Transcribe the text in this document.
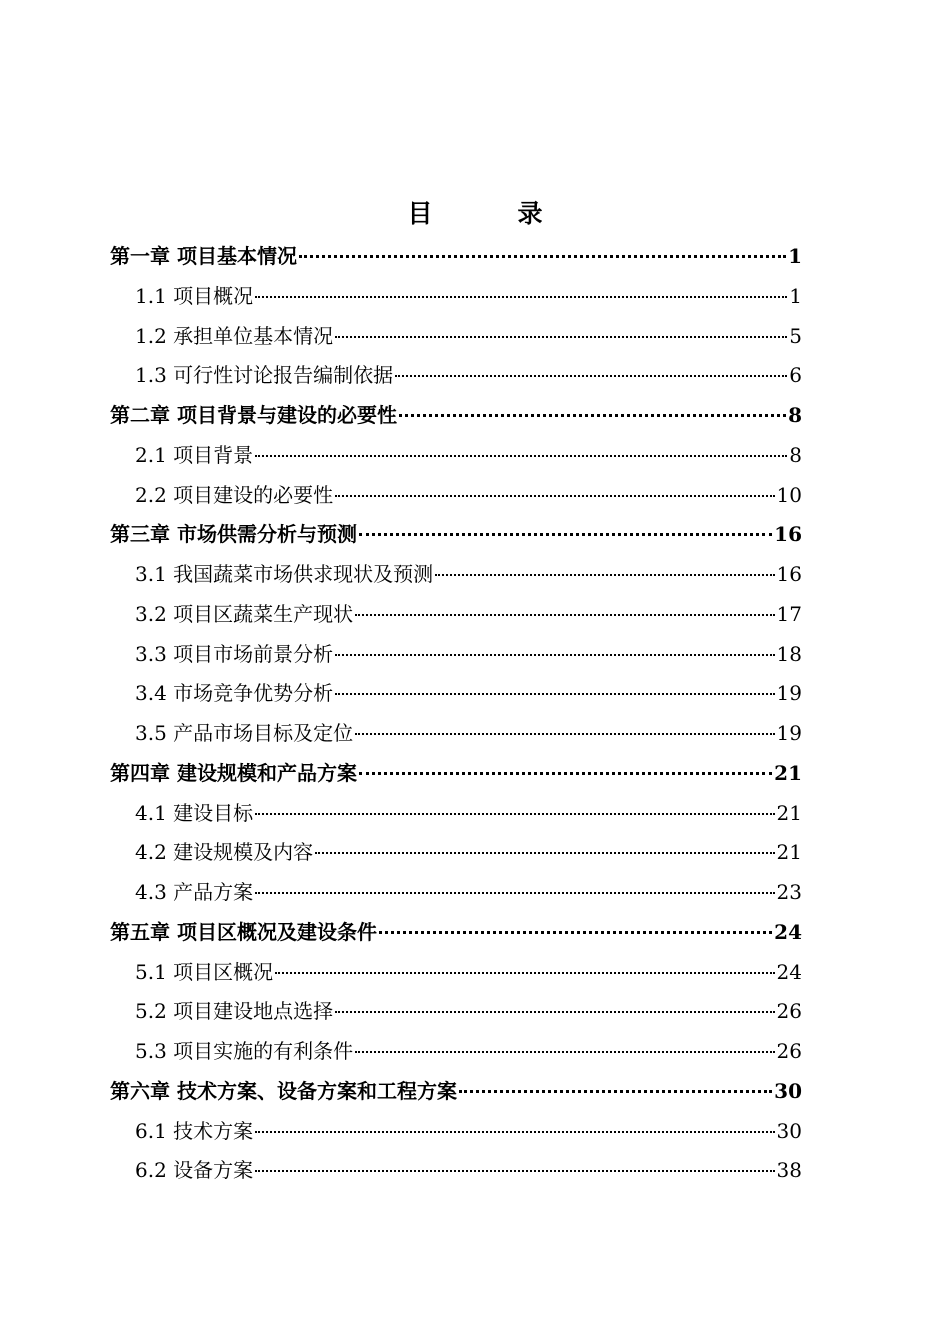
目　录
第一章 项目基本情况	1
1.1 项目概况	1
1.2 承担单位基本情况	5
1.3 可行性讨论报告编制依据	6
第二章 项目背景与建设的必要性	8
2.1 项目背景	8
2.2 项目建设的必要性	10
第三章 市场供需分析与预测	16
3.1 我国蔬菜市场供求现状及预测	16
3.2 项目区蔬菜生产现状	17
3.3 项目市场前景分析	18
3.4 市场竞争优势分析	19
3.5 产品市场目标及定位	19
第四章 建设规模和产品方案	21
4.1 建设目标	21
4.2 建设规模及内容	21
4.3 产品方案	23
第五章 项目区概况及建设条件	24
5.1 项目区概况	24
5.2 项目建设地点选择	26
5.3 项目实施的有利条件	26
第六章 技术方案、设备方案和工程方案	30
6.1 技术方案	30
6.2 设备方案	38
